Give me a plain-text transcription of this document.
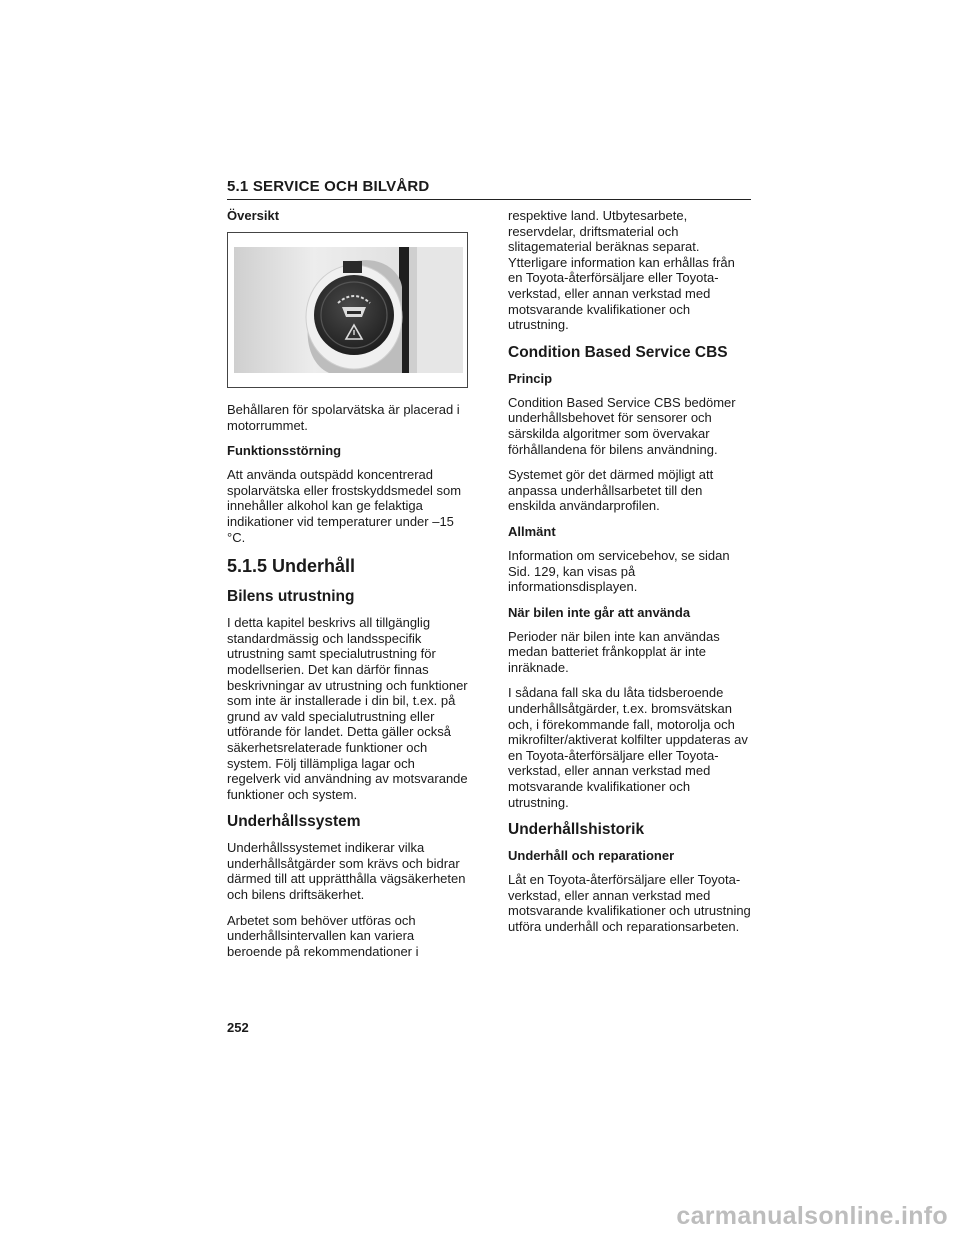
5.1 SERVICE OCH BILVÅRD
Översikt

Behållaren för spolarvätska är placerad i motorrummet.

Funktionsstörning

Att använda outspädd koncentrerad spolarvätska eller frostskyddsmedel som innehåller alkohol kan ge felaktiga indikationer vid temperaturer under –15 °C.

5.1.5 Underhåll
Bilens utrustning

I detta kapitel beskrivs all tillgänglig standardmässig och landsspecifik utrustning samt specialutrustning för modellserien. Det kan därför finnas beskrivningar av utrustning och funktioner som inte är installerade i din bil, t.ex. på grund av vald specialutrustning eller utförande för landet. Detta gäller också säkerhetsrelaterade funktioner och system. Följ tillämpliga lagar och regelverk vid användning av motsvarande funktioner och system.

Underhållssystem

Underhållssystemet indikerar vilka underhållsåtgärder som krävs och bidrar därmed till att upprätthålla vägsäkerheten och bilens driftsäkerhet.

Arbetet som behöver utföras och underhållsintervallen kan variera beroende på rekommendationer i

respektive land. Utbytesarbete, reservdelar, driftsmaterial och slitagematerial beräknas separat. Ytterligare information kan erhållas från en Toyota-återförsäljare eller Toyota-verkstad, eller annan verkstad med motsvarande kvalifikationer och utrustning.

Condition Based Service CBS
Princip

Condition Based Service CBS bedömer underhållsbehovet för sensorer och särskilda algoritmer som övervakar förhållandena för bilens användning.

Systemet gör det därmed möjligt att anpassa underhållsarbetet till den enskilda användarprofilen.

Allmänt

Information om servicebehov, se sidan Sid. 129, kan visas på informationsdisplayen.

När bilen inte går att använda

Perioder när bilen inte kan användas medan batteriet frånkopplat är inte inräknade.

I sådana fall ska du låta tidsberoende underhållsåtgärder, t.ex. bromsvätskan och, i förekommande fall, motorolja och mikrofilter/aktiverat kolfilter uppdateras av en Toyota-återförsäljare eller Toyota-verkstad, eller annan verkstad med motsvarande kvalifikationer och utrustning.

Underhållshistorik
Underhåll och reparationer

Låt en Toyota-återförsäljare eller Toyota-verkstad, eller annan verkstad med motsvarande kvalifikationer och utrustning utföra underhåll och reparationsarbeten.

252
carmanualsonline.info
